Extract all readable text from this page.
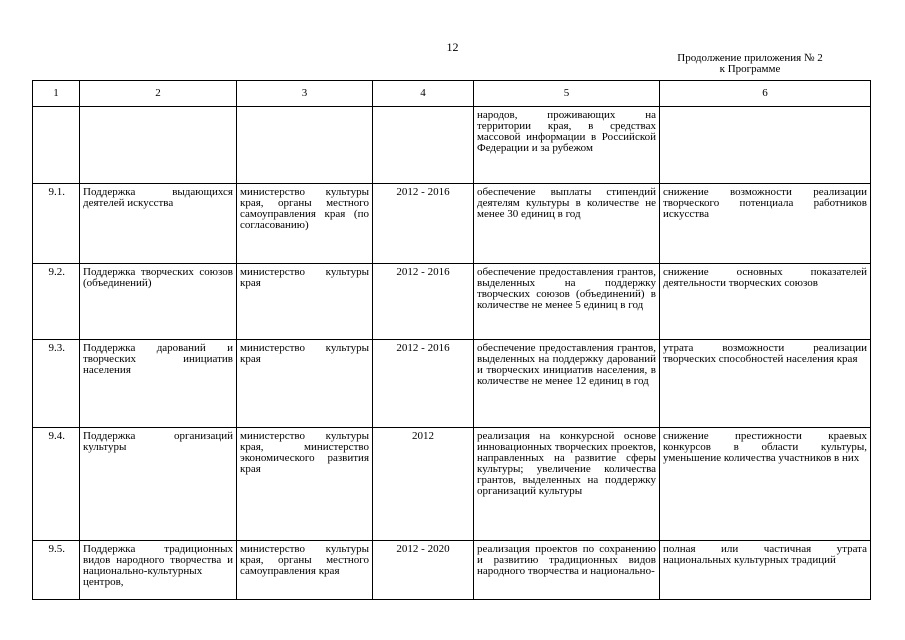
12
Продолжение приложения № 2
к Программе
1	2	3	4	5	6
				народов, проживающих на территории края, в средствах массовой информации в Российской Федерации и за рубежом	
9.1.	Поддержка выдающихся деятелей искусства	министерство культуры края, органы местного самоуправления края (по согласованию)	2012 - 2016	обеспечение выплаты стипендий деятелям культуры в количестве не менее 30 единиц в год	снижение возможности реализации творческого потенциала работников искусства
9.2.	Поддержка творческих союзов (объединений)	министерство культуры края	2012 - 2016	обеспечение предоставления грантов, выделенных на поддержку творческих союзов (объединений) в количестве не менее 5 единиц в год	снижение основных показателей деятельности творческих союзов
9.3.	Поддержка дарований и творческих инициатив населения	министерство культуры края	2012 - 2016	обеспечение предоставления грантов, выделенных на поддержку дарований и творческих инициатив населения, в количестве не менее 12 единиц в год	утрата возможности реализации творческих способностей населения края
9.4.	Поддержка организаций культуры	министерство культуры края, министерство экономического развития края	2012	реализация на конкурсной основе инновационных творческих проектов, направленных на развитие сферы культуры; увеличение количества грантов, выделенных на поддержку организаций культуры	снижение престижности краевых конкурсов в области культуры, уменьшение количества участников в них
9.5.	Поддержка традиционных видов народного творчества и национально-культурных центров,	министерство культуры края, органы местного самоуправления края	2012 - 2020	реализация проектов по сохранению и развитию традиционных видов народного творчества и национально-	полная или частичная утрата национальных культурных традиций
